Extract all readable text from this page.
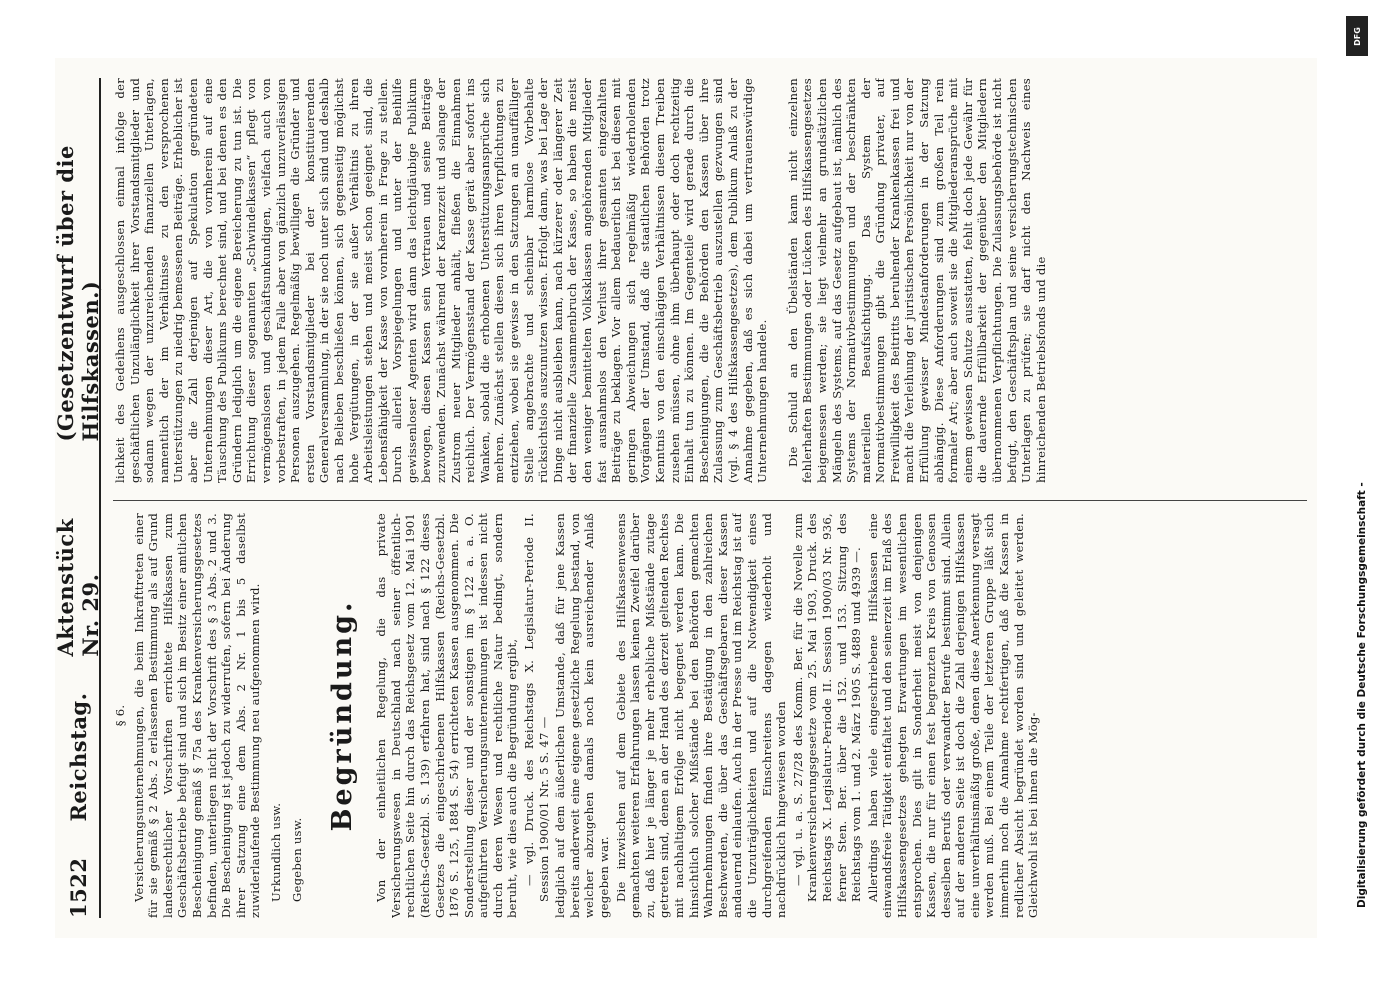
1522
Reichstag.
Aktenstück Nr. 29.
(Gesetzentwurf über die Hilfskassen.)
§ 6. Versicherungsunternehmungen, die beim Inkrafttreten einer für sie gemäß § 2 Abs. 2 erlassenen Bestimmung als auf Grund landesrechtlicher Vorschriften errichtete Hilfskassen zum Geschäftsbetriebe befugt sind und sich im Besitz einer amtlichen Bescheinigung gemäß § 75a des Krankenversicherungsgesetzes befinden, unterliegen nicht der Vorschrift des § 3 Abs. 2 und 3. Die Bescheinigung ist jedoch zu widerrufen, sofern bei Änderung ihrer Satzung eine dem Abs. 2 Nr. 1 bis 5 daselbst zuwiderlaufende Bestimmung neu aufgenommen wird. Urkundlich usw. Gegeben usw.
Begründung. Von der einheitlichen Regelung, die das private Versicherungswesen in Deutschland nach seiner öffentlich-rechtlichen Seite hin durch das Reichsgesetz vom 12. Mai 1901 (Reichs-Gesetzbl. S. 139) erfahren hat, sind nach § 122 dieses Gesetzes die eingeschriebenen Hilfskassen (Reichs-Gesetzbl. 1876 S. 125, 1884 S. 54) errichteten Kassen ausgenommen. Die Sonderstellung dieser und der sonstigen im § 122 a. a. O. aufgeführten Versicherungsunternehmungen ist indessen nicht durch deren Wesen und rechtliche Natur bedingt, sondern beruht, wie dies auch die Begründung ergibt, — vgl. Druck. des Reichstags X. Legislatur-Periode II. Session 1900/01 Nr. 5 S. 47 — lediglich auf dem äußerlichen Umstande, daß für jene Kassen bereits anderweit eine eigene gesetzliche Regelung bestand, von welcher abzugehen damals noch kein ausreichender Anlaß gegeben war. Die inzwischen auf dem Gebiete des Hilfskassenwesens gemachten weiteren Erfahrungen lassen keinen Zweifel darüber zu, daß hier je länger je mehr erhebliche Mißstände zutage getreten sind, denen an der Hand des derzeit geltenden Rechtes mit nachhaltigem Erfolge nicht begegnet werden kann. Die hinsichtlich solcher Mißstände bei den Behörden gemachten Wahrnehmungen finden ihre Bestätigung in den zahlreichen Beschwerden, die über das Geschäftsgebaren dieser Kassen andauernd einlaufen. Auch in der Presse und im Reichstag ist auf die Unzuträglichkeiten und auf die Notwendigkeit eines durchgreifenden Einschreitens dagegen wiederholt und nachdrücklich hingewiesen worden — vgl. u. a. S. 27/28 des Komm. Ber. für die Novelle zum Krankenversicherungsgesetze vom 25. Mai 1903, Druck. des Reichstags X. Legislatur-Periode II. Session 1900/03 Nr. 936, ferner Sten. Ber. über die 152. und 153. Sitzung des Reichstags vom 1. und 2. März 1905 S. 4889 und 4939 —. Allerdings haben viele eingeschriebene Hilfskassen eine einwandsfreie Tätigkeit entfaltet und den seinerzeit im Erlaß des Hilfskassengesetzes gehegten Erwartungen im wesentlichen entsprochen. Dies gilt in Sonderheit meist von denjenigen Kassen, die nur für einen fest begrenzten Kreis von Genossen desselben Berufs oder verwandter Berufe bestimmt sind. Allein auf der anderen Seite ist doch die Zahl derjenigen Hilfskassen eine unverhältnismäßig große, denen diese Anerkennung versagt werden muß. Bei einem Teile der letzteren Gruppe läßt sich immerhin noch die Annahme rechtfertigen, daß die Kassen in redlicher Absicht begründet worden sind und geleitet werden. Gleichwohl ist bei ihnen die Mög-

lichkeit des Gedeihens ausgeschlossen einmal infolge der geschäftlichen Unzulänglichkeit ihrer Vorstandsmitglieder und sodann wegen der unzureichenden finanziellen Unterlagen, namentlich der im Verhältnisse zu den versprochenen Unterstützungen zu niedrig bemessenen Beiträge. Erheblicher ist aber die Zahl derjenigen auf Spekulation gegründeten Unternehmungen dieser Art, die von vornherein auf eine Täuschung des Publikums berechnet sind, und bei denen es den Gründern lediglich um die eigene Bereicherung zu tun ist. Die Errichtung dieser sogenannten „Schwindelkassen“ pflegt von vermögenslosen und geschäftsunkundigen, vielfach auch von vorbestraften, in jedem Falle aber von gänzlich unzuverlässigen Personen auszugehen. Regelmäßig bewilligen die Gründer und ersten Vorstandsmitglieder bei der konstituierenden Generalversammlung, in der sie noch unter sich sind und deshalb nach Belieben beschließen können, sich gegenseitig möglichst hohe Vergütungen, in der sie außer Verhältnis zu ihren Arbeitsleistungen stehen und meist schon geeignet sind, die Lebensfähigkeit der Kasse von vornherein in Frage zu stellen. Durch allerlei Vorspiegelungen und unter der Beihilfe gewissenloser Agenten wird dann das leichtgläubige Publikum bewogen, diesen Kassen sein Vertrauen und seine Beiträge zuzuwenden. Zunächst während der Karenzzeit und solange der Zustrom neuer Mitglieder anhält, fließen die Einnahmen reichlich. Der Vermögensstand der Kasse gerät aber sofort ins Wanken, sobald die erhobenen Unterstützungsansprüche sich mehren. Zunächst stellen diesen sich ihren Verpflichtungen zu entziehen, wobei sie gewisse in den Satzungen an unauffälliger Stelle angebrachte und scheinbar harmlose Vorbehalte rücksichtslos auszunutzen wissen. Erfolgt dann, was bei Lage der Dinge nicht ausbleiben kann, nach kürzerer oder längerer Zeit der finanzielle Zusammenbruch der Kasse, so haben die meist den weniger bemittelten Volksklassen angehörenden Mitglieder fast ausnahmslos den Verlust ihrer gesamten eingezahlten Beiträge zu beklagen. Vor allem bedauerlich ist bei diesen mit geringen Abweichungen sich regelmäßig wiederholenden Vorgängen der Umstand, daß die staatlichen Behörden trotz Kenntnis von den einschlägigen Verhältnissen diesem Treiben zusehen müssen, ohne ihm überhaupt oder doch rechtzeitig Einhalt tun zu können. Im Gegenteile wird gerade durch die Bescheinigungen, die die Behörden den Kassen über ihre Zulassung zum Geschäftsbetrieb auszustellen gezwungen sind (vgl. § 4 des Hilfskassengesetzes), dem Publikum Anlaß zu der Annahme gegeben, daß es sich dabei um vertrauenswürdige Unternehmungen handele. Die Schuld an den Übelständen kann nicht einzelnen fehlerhaften Bestimmungen oder Lücken des Hilfskassengesetzes beigemessen werden; sie liegt vielmehr an grundsätzlichen Mängeln des Systems, auf das Gesetz aufgebaut ist, nämlich des Systems der Normativbestimmungen und der beschränkten materiellen Beaufsichtigung. Das System der Normativbestimmungen gibt die Gründung privater, auf Freiwilligkeit des Beitritts beruhender Krankenkassen frei und macht die Verleihung der juristischen Persönlichkeit nur von der Erfüllung gewisser Mindestanforderungen in der Satzung abhängig. Diese Anforderungen sind zum großen Teil rein formaler Art; aber auch soweit sie die Mitgliederansprüche mit einem gewissen Schutze ausstatten, fehlt doch jede Gewähr für die dauernde Erfüllbarkeit der gegenüber den Mitgliedern übernommenen Verpflichtungen. Die Zulassungsbehörde ist nicht befugt, den Geschäftsplan und seine versicherungstechnischen Unterlagen zu prüfen; sie darf nicht den Nachweis eines hinreichenden Betriebsfonds und die

Digitalisierung gefördert durch die Deutsche Forschungsgemeinschaft -
DFG
